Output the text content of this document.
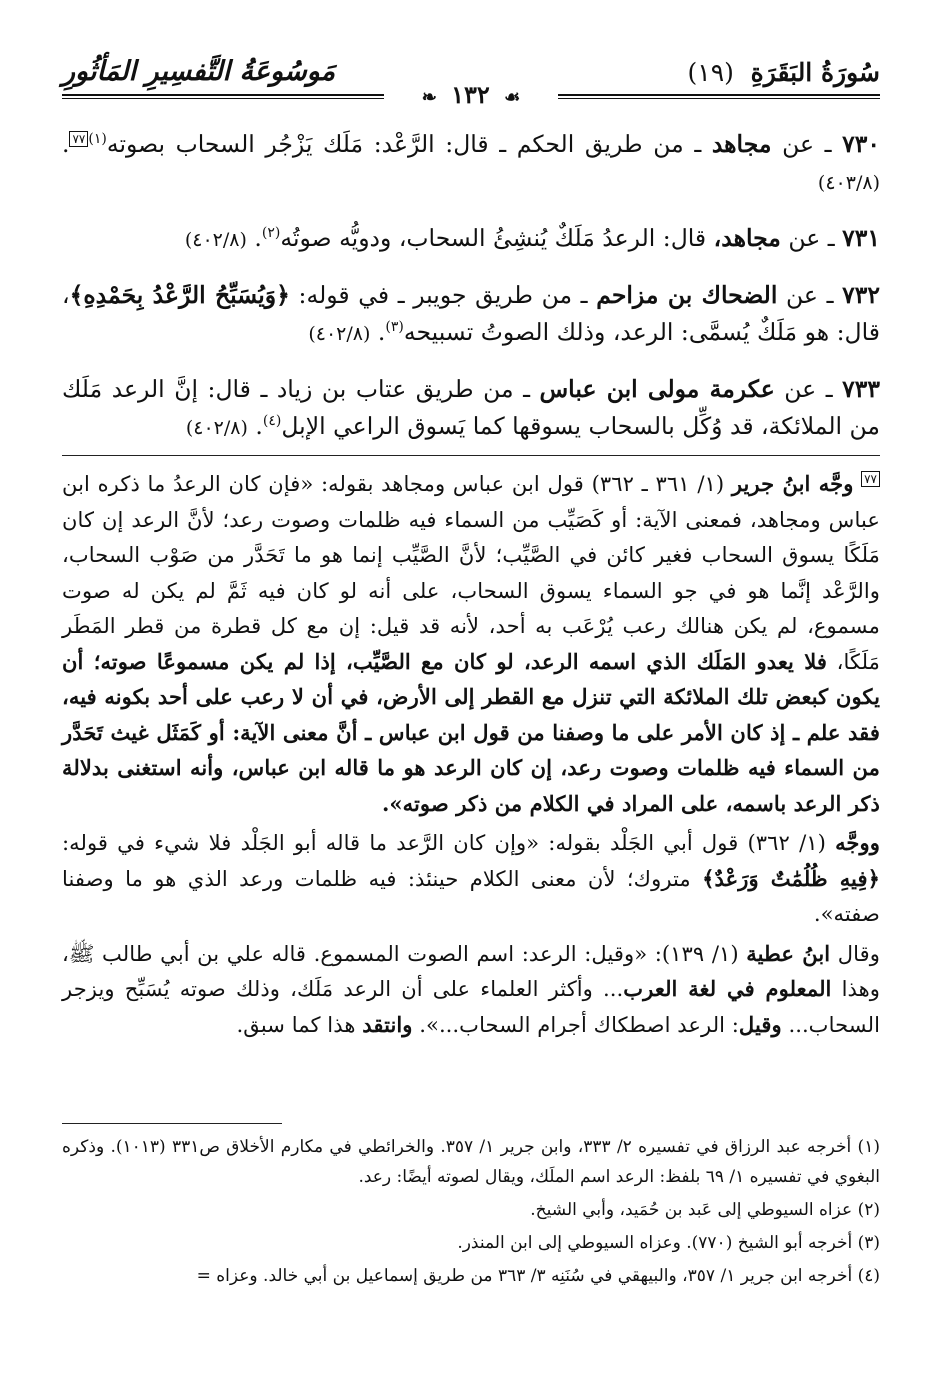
سُورَةُ البَقَرَةِ (١٩)
مَوسُوعَةُ التَّفسِيرِ المَأثُورِ
☙ ١٣٢ ❧

٧٣٠ ـ عن مجاهد ـ من طريق الحكم ـ قال: الرَّعْد: مَلَك يَزْجُر السحاب بصوته$^{(١)}$٧٧. (٤٠٣/٨)

٧٣١ ـ عن مجاهد، قال: الرعدُ مَلَكٌ يُنشِئُ السحاب، ودويُّه صوتُه$^{(٢)}$. (٤٠٢/٨)

٧٣٢ ـ عن الضحاك بن مزاحم ـ من طريق جويبر ـ في قوله: ﴿وَيُسَبِّحُ الرَّعْدُ بِحَمْدِهِ﴾، قال: هو مَلَكٌ يُسمَّى: الرعد، وذلك الصوتُ تسبيحه$^{(٣)}$. (٤٠٢/٨)

٧٣٣ ـ عن عكرمة مولى ابن عباس ـ من طريق عتاب بن زياد ـ قال: إنَّ الرعد مَلَك من الملائكة، قد وُكِّل بالسحاب يسوقها كما يَسوق الراعي الإبل$^{(٤)}$. (٤٠٢/٨)

٧٧ وجَّه ابنُ جرير (١/ ٣٦١ ـ ٣٦٢) قول ابن عباس ومجاهد بقوله: «فإن كان الرعدُ ما ذكره ابن عباس ومجاهد، فمعنى الآية: أو كَصَيِّب من السماء فيه ظلمات وصوت رعد؛ لأنَّ الرعد إن كان مَلَكًا يسوق السحاب فغير كائن في الصَّيِّب؛ لأنَّ الصَّيِّب إنما هو ما تَحَدَّر من صَوْب السحاب، والرَّعْد إنَّما هو في جو السماء يسوق السحاب، على أنه لو كان فيه ثَمَّ لم يكن له صوت مسموع، لم يكن هنالك رعب يُرْعَب به أحد، لأنه قد قيل: إن مع كل قطرة من قطر المَطَر مَلَكًا، فلا يعدو المَلَك الذي اسمه الرعد، لو كان مع الصَّيِّب، إذا لم يكن مسموعًا صوته؛ أن يكون كبعض تلك الملائكة التي تنزل مع القطر إلى الأرض، في أن لا رعب على أحد بكونه فيه، فقد علم ـ إذ كان الأمر على ما وصفنا من قول ابن عباس ـ أنَّ معنى الآية: أو كَمَثَل غيث تَحَدَّر من السماء فيه ظلمات وصوت رعد، إن كان الرعد هو ما قاله ابن عباس، وأنه استغنى بدلالة ذكر الرعد باسمه، على المراد في الكلام من ذكر صوته».

ووجَّه (١/ ٣٦٢) قول أبي الجَلْد بقوله: «وإن كان الرَّعد ما قاله أبو الجَلْد فلا شيء في قوله: ﴿فِيهِ ظُلُمَٰتٌ وَرَعْدٌ﴾ متروك؛ لأن معنى الكلام حينئذ: فيه ظلمات ورعد الذي هو ما وصفنا صفته».

وقال ابنُ عطية (١/ ١٣٩): «وقيل: الرعد: اسم الصوت المسموع. قاله علي بن أبي طالب ﷺ، وهذا المعلوم في لغة العرب... وأكثر العلماء على أن الرعد مَلَك، وذلك صوته يُسَبِّح ويزجر السحاب... وقيل: الرعد اصطكاك أجرام السحاب...». وانتقد هذا كما سبق.

(١) أخرجه عبد الرزاق في تفسيره ٢/ ٣٣٣، وابن جرير ١/ ٣٥٧. والخرائطي في مكارم الأخلاق ص٣٣١ (١٠١٣). وذكره البغوي في تفسيره ١/ ٦٩ بلفظ: الرعد اسم الملَك، ويقال لصوته أيضًا: رعد.

(٢) عزاه السيوطي إلى عَبد بن حُمَيد، وأبي الشيخ.

(٣) أخرجه أبو الشيخ (٧٧٠). وعزاه السيوطي إلى ابن المنذر.

(٤) أخرجه ابن جرير ١/ ٣٥٧، والبيهقي في سُنَنِه ٣/ ٣٦٣ من طريق إسماعيل بن أبي خالد. وعزاه =
